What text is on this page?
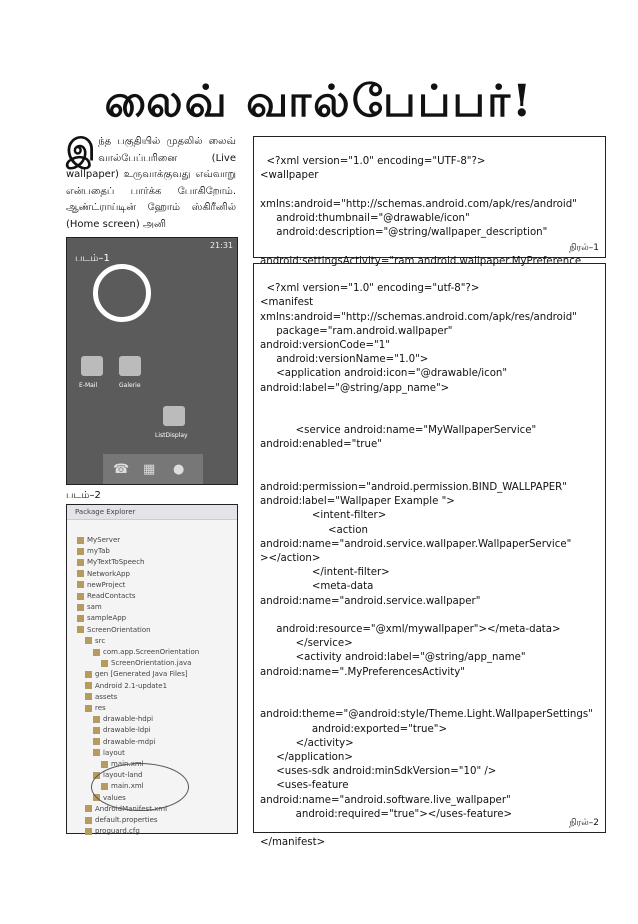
லைவ் வால்பேப்பர்!
இ ந்த பகுதியில் முதலில் லைவ் வால்பேப்பரினை (Live wallpaper) உருவாக்குவது எவ்வாறு என்பதைப் பார்க்க போகிறோம். ஆண்ட்ராய்டின் ஹோம் ஸ்கிரீனில் (Home screen) அனி
21:31
படம்–1
E-Mail	Galerie
ListDisplay
☎ ▦ ●
படம்–2
Package Explorer
MyServer
myTab
MyTextToSpeech
NetworkApp
newProject
ReadContacts
sam
sampleApp
ScreenOrientation
src
com.app.ScreenOrientation
ScreenOrientation.java
gen [Generated Java Files]
Android 2.1-update1
assets
res
drawable-hdpi
drawable-ldpi
drawable-mdpi
layout
main.xml
layout-land
main.xml
values
AndroidManifest.xml
default.properties
proguard.cfg

<?xml version="1.0" encoding="UTF-8"?>
<wallpaper

xmlns:android="http://schemas.android.com/apk/res/android"
android:thumbnail="@drawable/icon"
android:description="@string/wallpaper_description"

android:settingsActivity="ram.android.wallpaper.MyPreference

நிரல்–1

<?xml version="1.0" encoding="utf-8"?>
<manifest
xmlns:android="http://schemas.android.com/apk/res/android"
package="ram.android.wallpaper"
android:versionCode="1"
android:versionName="1.0">
<application android:icon="@drawable/icon"
android:label="@string/app_name">

<service android:name="MyWallpaperService"
android:enabled="true"

android:permission="android.permission.BIND_WALLPAPER"
android:label="Wallpaper Example ">
<intent-filter>
<action
android:name="android.service.wallpaper.WallpaperService"
></action>
</intent-filter>
<meta-data
android:name="android.service.wallpaper"

android:resource="@xml/mywallpaper"></meta-data>
</service>
<activity android:label="@string/app_name"
android:name=".MyPreferencesActivity"

android:theme="@android:style/Theme.Light.WallpaperSettings"
android:exported="true">
</activity>
</application>
<uses-sdk android:minSdkVersion="10" />
<uses-feature
android:name="android.software.live_wallpaper"
android:required="true"></uses-feature>

</manifest>

நிரல்–2
